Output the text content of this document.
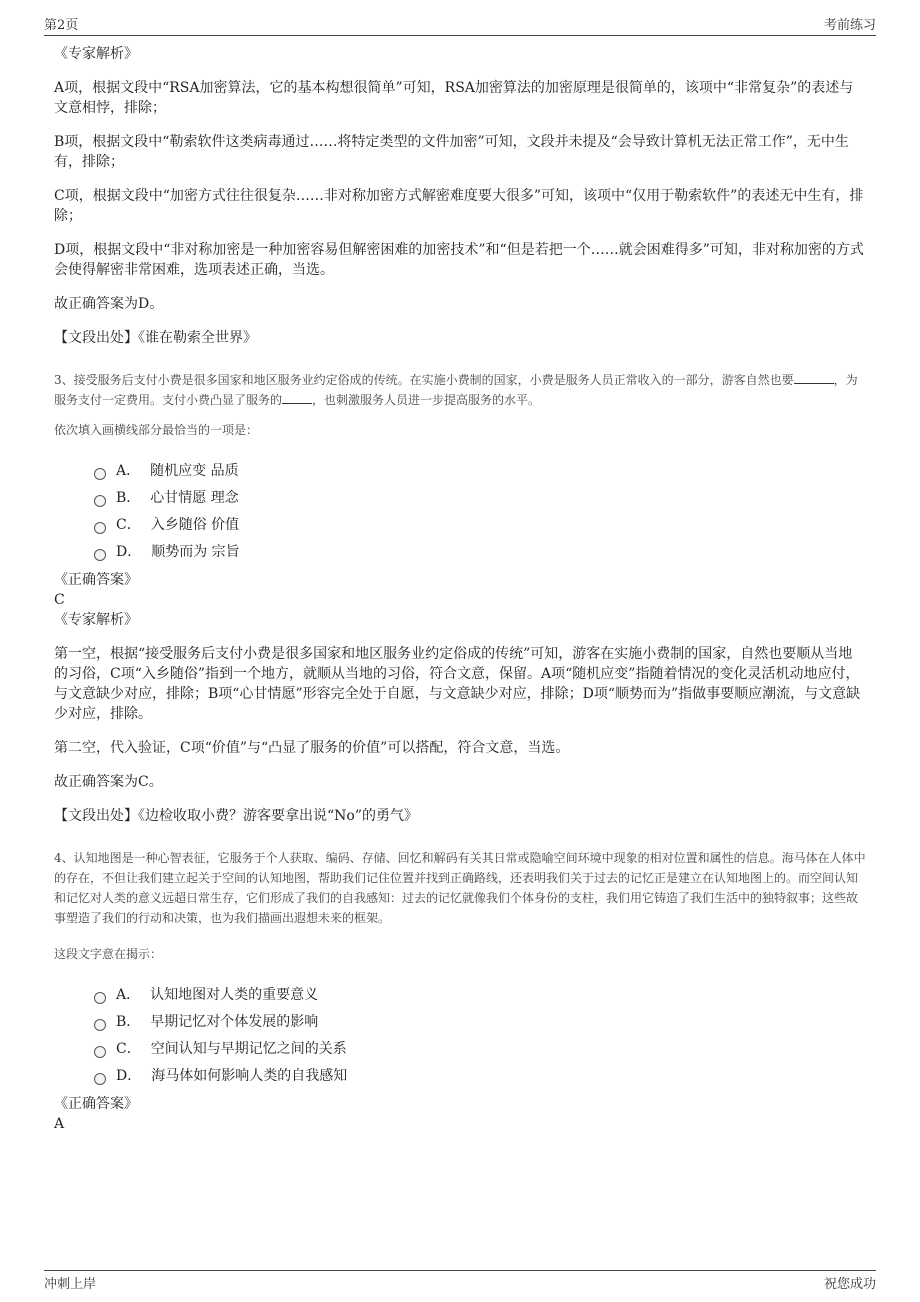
第2页	考前练习

《专家解析》

A项，根据文段中“RSA加密算法，它的基本构想很简单”可知，RSA加密算法的加密原理是很简单的，该项中“非常复杂”的表述与文意相悖，排除；

B项，根据文段中“勒索软件这类病毒通过……将特定类型的文件加密”可知，文段并未提及“会导致计算机无法正常工作”，无中生有，排除；

C项，根据文段中“加密方式往往很复杂……非对称加密方式解密难度要大很多”可知，该项中“仅用于勒索软件”的表述无中生有，排除；

D项，根据文段中“非对称加密是一种加密容易但解密困难的加密技术”和“但是若把一个……就会困难得多”可知，非对称加密的方式会使得解密非常困难，选项表述正确，当选。

故正确答案为D。

【文段出处】《谁在勒索全世界》

3、接受服务后支付小费是很多国家和地区服务业约定俗成的传统。在实施小费制的国家，小费是服务人员正常收入的一部分，游客自然也要	，为服务支付一定费用。支付小费凸显了服务的	，也刺激服务人员进一步提高服务的水平。

依次填入画横线部分最恰当的一项是：

A． 随机应变 品质
B． 心甘情愿 理念
C． 入乡随俗 价值
D． 顺势而为 宗旨

《正确答案》

C

《专家解析》

第一空，根据“接受服务后支付小费是很多国家和地区服务业约定俗成的传统”可知，游客在实施小费制的国家，自然也要顺从当地的习俗，C项“入乡随俗”指到一个地方，就顺从当地的习俗，符合文意，保留。A项“随机应变”指随着情况的变化灵活机动地应付，与文意缺少对应，排除；B项“心甘情愿”形容完全处于自愿，与文意缺少对应，排除；D项“顺势而为”指做事要顺应潮流，与文意缺少对应，排除。

第二空，代入验证，C项“价值”与“凸显了服务的价值”可以搭配，符合文意，当选。

故正确答案为C。

【文段出处】《边检收取小费？游客要拿出说“No”的勇气》

4、认知地图是一种心智表征，它服务于个人获取、编码、存储、回忆和解码有关其日常或隐喻空间环境中现象的相对位置和属性的信息。海马体在人体中的存在，不但让我们建立起关于空间的认知地图，帮助我们记住位置并找到正确路线，还表明我们关于过去的记忆正是建立在认知地图上的。而空间认知和记忆对人类的意义远超日常生存，它们形成了我们的自我感知：过去的记忆就像我们个体身份的支柱，我们用它铸造了我们生活中的独特叙事；这些故事塑造了我们的行动和决策，也为我们描画出遐想未来的框架。

这段文字意在揭示：

A． 认知地图对人类的重要意义
B． 早期记忆对个体发展的影响
C． 空间认知与早期记忆之间的关系
D． 海马体如何影响人类的自我感知

《正确答案》

A

冲刺上岸	祝您成功
